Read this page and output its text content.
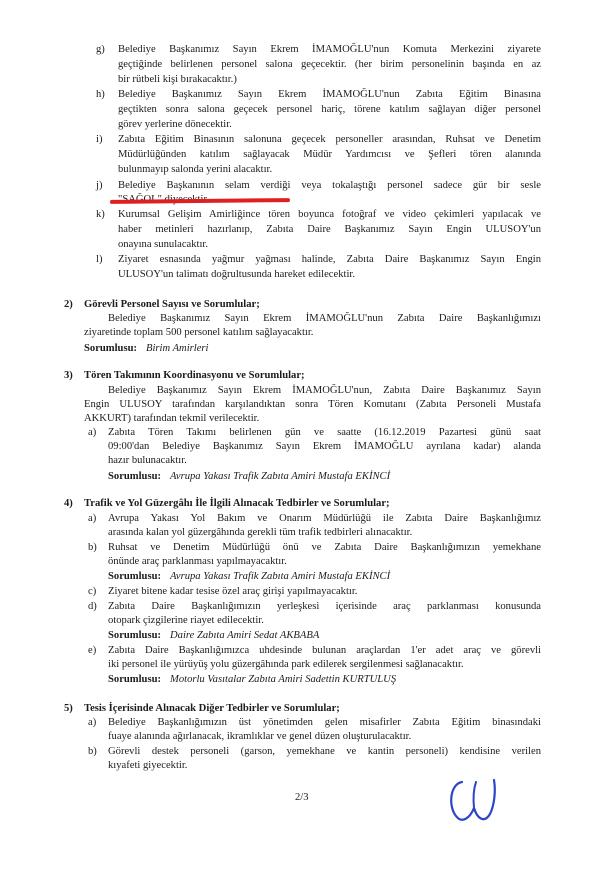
g) Belediye Başkanımız Sayın Ekrem İMAMOĞLU'nun Komuta Merkezini ziyarete
geçtiğinde belirlenen personel salona geçecektir. (her birim personelinin başında en az
bir rütbeli kişi bırakacaktır.)
h) Belediye Başkanımız Sayın Ekrem İMAMOĞLU'nun Zabıta Eğitim Binasına
geçtikten sonra salona geçecek personel hariç, törene katılım sağlayan diğer personel
görev yerlerine dönecektir.
i) Zabıta Eğitim Binasının salonuna geçecek personeller arasından, Ruhsat ve Denetim
Müdürlüğünden katılım sağlayacak Müdür Yardımcısı ve Şefleri tören alanında
bulunmayıp salonda yerini alacaktır.
j) Belediye Başkanının selam verdiği veya tokalaştığı personel sadece gür bir sesle
k) Kurumsal Gelişim Amirliğince tören boyunca fotoğraf ve video çekimleri yapılacak ve
haber metinleri hazırlanıp, Zabıta Daire Başkanımız Sayın Engin ULUSOY'un
onayına sunulacaktır.
l) Ziyaret esnasında yağmur yağması halinde, Zabıta Daire Başkanımız Sayın Engin
ULUSOY'un talimatı doğrultusunda hareket edilecektir.
2) Görevli Personel Sayısı ve Sorumlular;
Belediye Başkanımız Sayın Ekrem İMAMOĞLU'nun Zabıta Daire Başkanlığımızı
ziyaretinde toplam 500 personel katılım sağlayacaktır.
Sorumlusu: Birim Amirleri
3) Tören Takımının Koordinasyonu ve Sorumlular;
Belediye Başkanımız Sayın Ekrem İMAMOĞLU'nun, Zabıta Daire Başkanımız Sayın
Engin ULUSOY tarafından karşılandıktan sonra Tören Komutanı (Zabıta Personeli Mustafa
AKKURT) tarafından tekmil verilecektir.
a) Zabıta Tören Takımı belirlenen gün ve saatte (16.12.2019 Pazartesi günü saat
09:00'dan Belediye Başkanımız Sayın Ekrem İMAMOĞLU ayrılana kadar) alanda
hazır bulunacaktır.
Sorumlusu: Avrupa Yakası Trafik Zabıta Amiri Mustafa EKİNCİ
4) Trafik ve Yol Güzergâhı İle İlgili Alınacak Tedbirler ve Sorumlular;
a) Avrupa Yakası Yol Bakım ve Onarım Müdürlüğü ile Zabıta Daire Başkanlığımız
arasında kalan yol güzergâhında gerekli tüm trafik tedbirleri alınacaktır.
b) Ruhsat ve Denetim Müdürlüğü önü ve Zabıta Daire Başkanlığımızın yemekhane
önünde araç parklanması yapılmayacaktır.
Sorumlusu: Avrupa Yakası Trafik Zabıta Amiri Mustafa EKİNCİ
c) Ziyaret bitene kadar tesise özel araç girişi yapılmayacaktır.
d) Zabıta Daire Başkanlığımızın yerleşkesi içerisinde araç parklanması konusunda
otopark çizgilerine riayet edilecektir.
Sorumlusu: Daire Zabıta Amiri Sedat AKBABA
e) Zabıta Daire Başkanlığımızca uhdesinde bulunan araçlardan 1'er adet araç ve görevli
iki personel ile yürüyüş yolu güzergâhında park edilerek sergilenmesi sağlanacaktır.
Sorumlusu: Motorlu Vasıtalar Zabıta Amiri Sadettin KURTULUŞ
5) Tesis İçerisinde Alınacak Diğer Tedbirler ve Sorumlular;
a) Belediye Başkanlığımızın üst yönetimden gelen misafirler Zabıta Eğitim binasındaki
fuaye alanında ağırlanacak, ikramlıklar ve genel düzen oluşturulacaktır.
b) Görevli destek personeli (garson, yemekhane ve kantin personeli) kendisine verilen
kıyafeti giyecektir.
2/3
